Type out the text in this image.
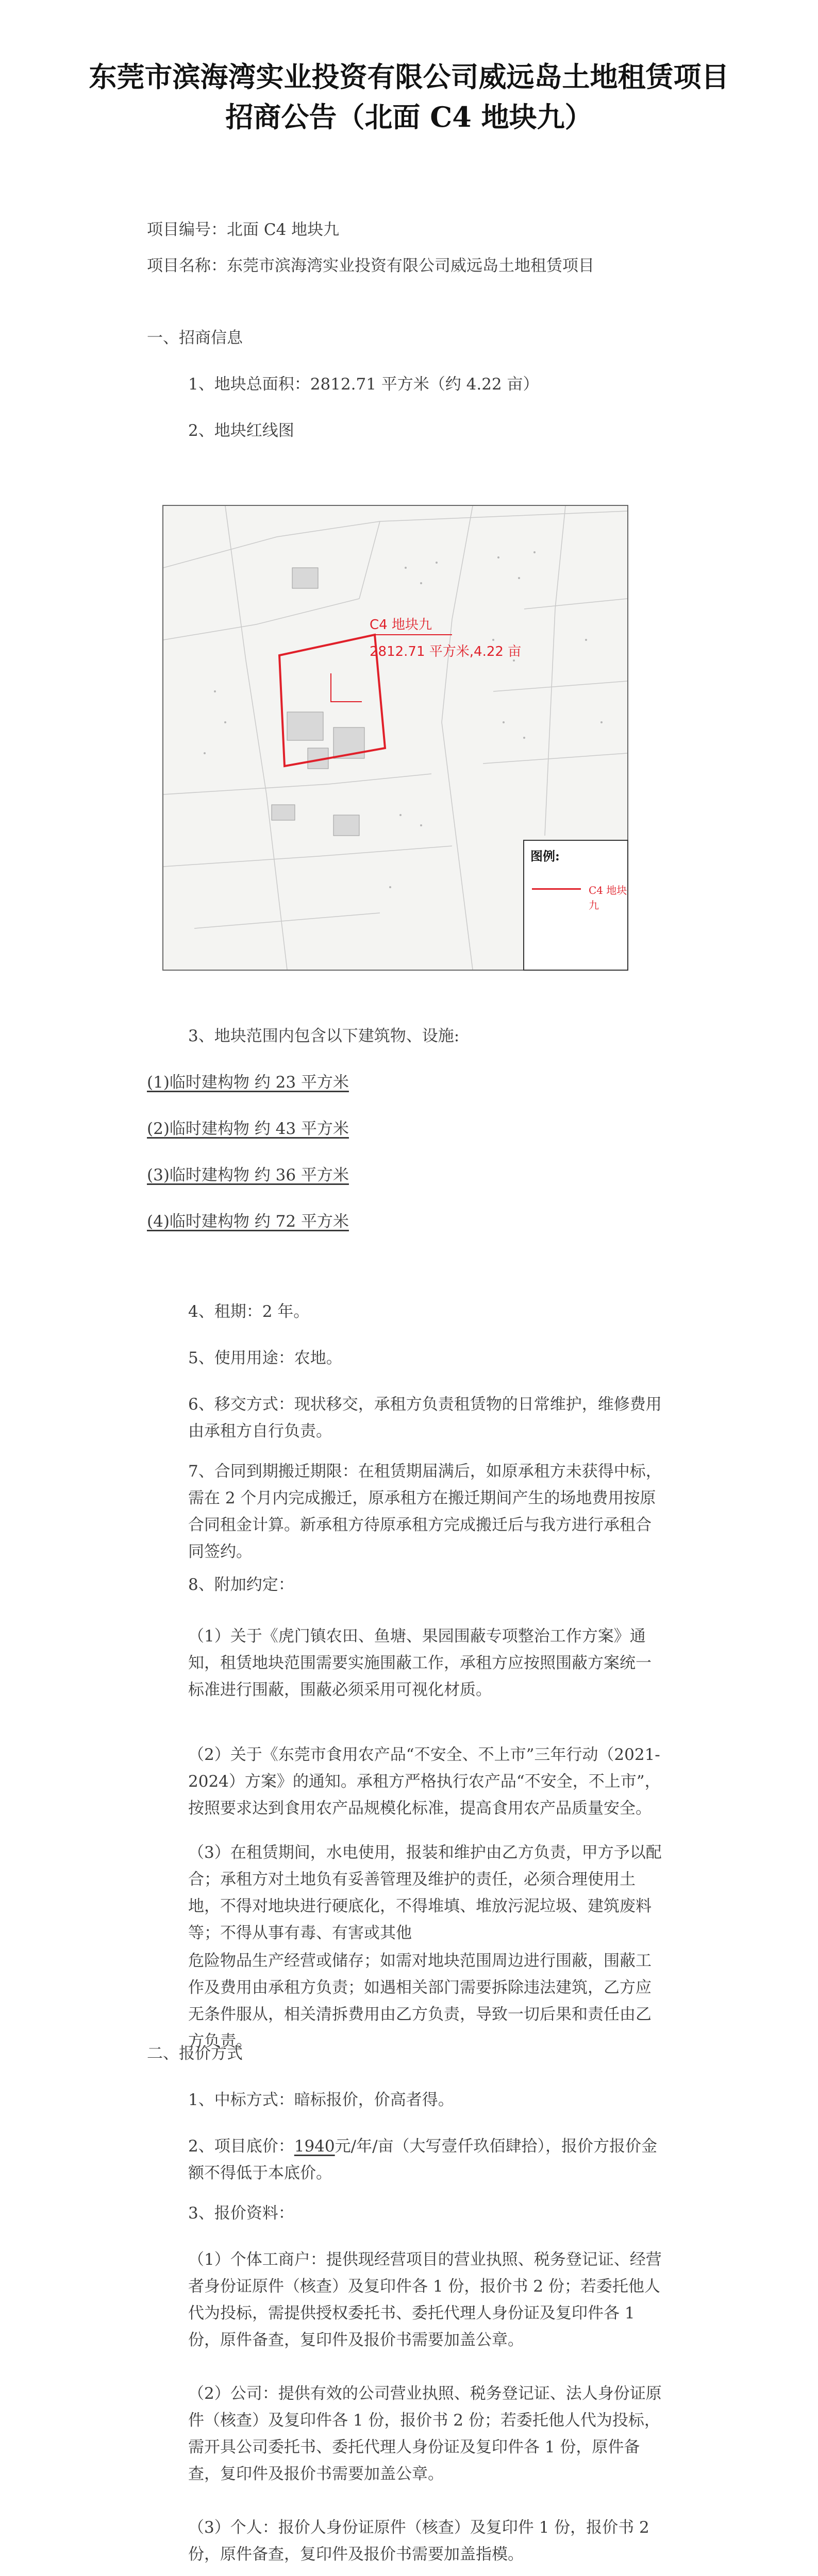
东莞市滨海湾实业投资有限公司威远岛土地租赁项目招商公告（北面 C4 地块九）

项目编号：北面 C4 地块九

项目名称：东莞市滨海湾实业投资有限公司威远岛土地租赁项目

一、招商信息

1、地块总面积：2812.71 平方米（约 4.22 亩）

2、地块红线图

C4 地块九
2812.71 平方米,4.22 亩
图例:
C4 地块九

3、地块范围内包含以下建筑物、设施:

(1)临时建构物 约 23 平方米

(2)临时建构物 约 43 平方米

(3)临时建构物 约 36 平方米

(4)临时建构物 约 72 平方米

4、租期：2 年。

5、使用用途：农地。

6、移交方式：现状移交，承租方负责租赁物的日常维护，维修费用由承租方自行负责。

7、合同到期搬迁期限：在租赁期届满后，如原承租方未获得中标，需在 2 个月内完成搬迁，原承租方在搬迁期间产生的场地费用按原合同租金计算。新承租方待原承租方完成搬迁后与我方进行承租合同签约。

8、附加约定：

（1）关于《虎门镇农田、鱼塘、果园围蔽专项整治工作方案》通知，租赁地块范围需要实施围蔽工作，承租方应按照围蔽方案统一标准进行围蔽，围蔽必须采用可视化材质。

（2）关于《东莞市食用农产品“不安全、不上市”三年行动（2021-2024）方案》的通知。承租方严格执行农产品“不安全，不上市”，按照要求达到食用农产品规模化标准，提高食用农产品质量安全。

（3）在租赁期间，水电使用，报装和维护由乙方负责，甲方予以配合；承租方对土地负有妥善管理及维护的责任，必须合理使用土地，不得对地块进行硬底化，不得堆填、堆放污泥垃圾、建筑废料等；不得从事有毒、有害或其他

危险物品生产经营或储存；如需对地块范围周边进行围蔽，围蔽工作及费用由承租方负责；如遇相关部门需要拆除违法建筑，乙方应无条件服从，相关清拆费用由乙方负责，导致一切后果和责任由乙方负责。

二、报价方式

1、中标方式：暗标报价，价高者得。

2、项目底价：1940元/年/亩（大写壹仟玖佰肆拾），报价方报价金额不得低于本底价。

3、报价资料：

（1）个体工商户：提供现经营项目的营业执照、税务登记证、经营者身份证原件（核查）及复印件各 1 份，报价书 2 份；若委托他人代为投标，需提供授权委托书、委托代理人身份证及复印件各 1 份，原件备查，复印件及报价书需要加盖公章。

（2）公司：提供有效的公司营业执照、税务登记证、法人身份证原件（核查）及复印件各 1 份，报价书 2 份；若委托他人代为投标，需开具公司委托书、委托代理人身份证及复印件各 1 份，原件备查，复印件及报价书需要加盖公章。

（3）个人：报价人身份证原件（核查）及复印件 1 份，报价书 2 份，原件备查，复印件及报价书需要加盖指模。
